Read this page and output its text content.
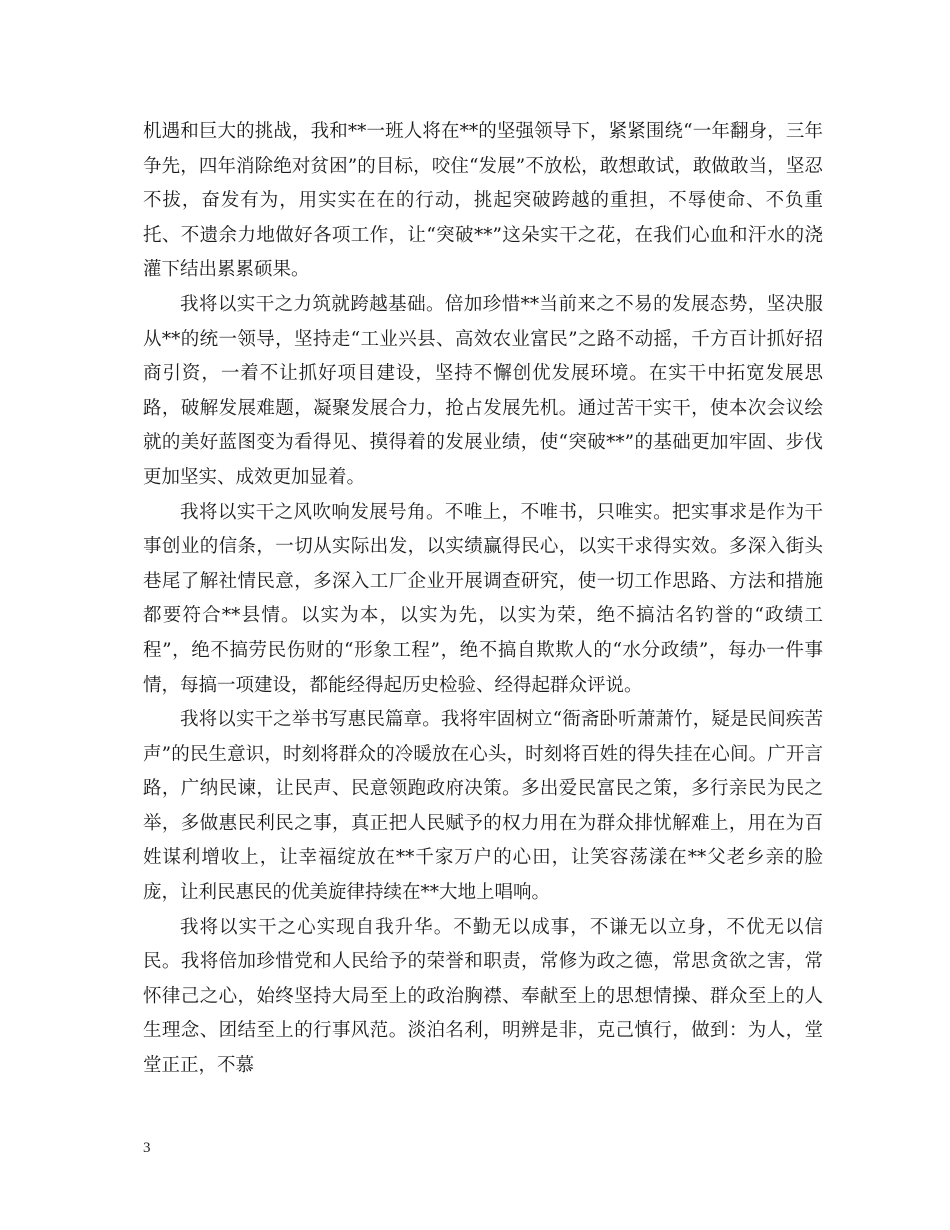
机遇和巨大的挑战，我和**一班人将在**的坚强领导下，紧紧围绕“一年翻身，三年争先，四年消除绝对贫困”的目标，咬住“发展”不放松，敢想敢试，敢做敢当，坚忍不拔，奋发有为，用实实在在的行动，挑起突破跨越的重担，不辱使命、不负重托、不遗余力地做好各项工作，让“突破**”这朵实干之花，在我们心血和汗水的浇灌下结出累累硕果。

我将以实干之力筑就跨越基础。倍加珍惜**当前来之不易的发展态势，坚决服从**的统一领导，坚持走“工业兴县、高效农业富民”之路不动摇，千方百计抓好招商引资，一着不让抓好项目建设，坚持不懈创优发展环境。在实干中拓宽发展思路，破解发展难题，凝聚发展合力，抢占发展先机。通过苦干实干，使本次会议绘就的美好蓝图变为看得见、摸得着的发展业绩，使“突破**”的基础更加牢固、步伐更加坚实、成效更加显着。

我将以实干之风吹响发展号角。不唯上，不唯书，只唯实。把实事求是作为干事创业的信条，一切从实际出发，以实绩赢得民心，以实干求得实效。多深入街头巷尾了解社情民意，多深入工厂企业开展调查研究，使一切工作思路、方法和措施都要符合**县情。以实为本，以实为先，以实为荣，绝不搞沽名钓誉的“政绩工程”，绝不搞劳民伤财的“形象工程”，绝不搞自欺欺人的“水分政绩”，每办一件事情，每搞一项建设，都能经得起历史检验、经得起群众评说。

我将以实干之举书写惠民篇章。我将牢固树立“衙斋卧听萧萧竹，疑是民间疾苦声”的民生意识，时刻将群众的冷暖放在心头，时刻将百姓的得失挂在心间。广开言路，广纳民谏，让民声、民意领跑政府决策。多出爱民富民之策，多行亲民为民之举，多做惠民利民之事，真正把人民赋予的权力用在为群众排忧解难上，用在为百姓谋利增收上，让幸福绽放在**千家万户的心田，让笑容荡漾在**父老乡亲的脸庞，让利民惠民的优美旋律持续在**大地上唱响。

我将以实干之心实现自我升华。不勤无以成事，不谦无以立身，不优无以信民。我将倍加珍惜党和人民给予的荣誉和职责，常修为政之德，常思贪欲之害，常怀律己之心，始终坚持大局至上的政治胸襟、奉献至上的思想情操、群众至上的人生理念、团结至上的行事风范。淡泊名利，明辨是非，克己慎行，做到：为人，堂堂正正，不慕

3
